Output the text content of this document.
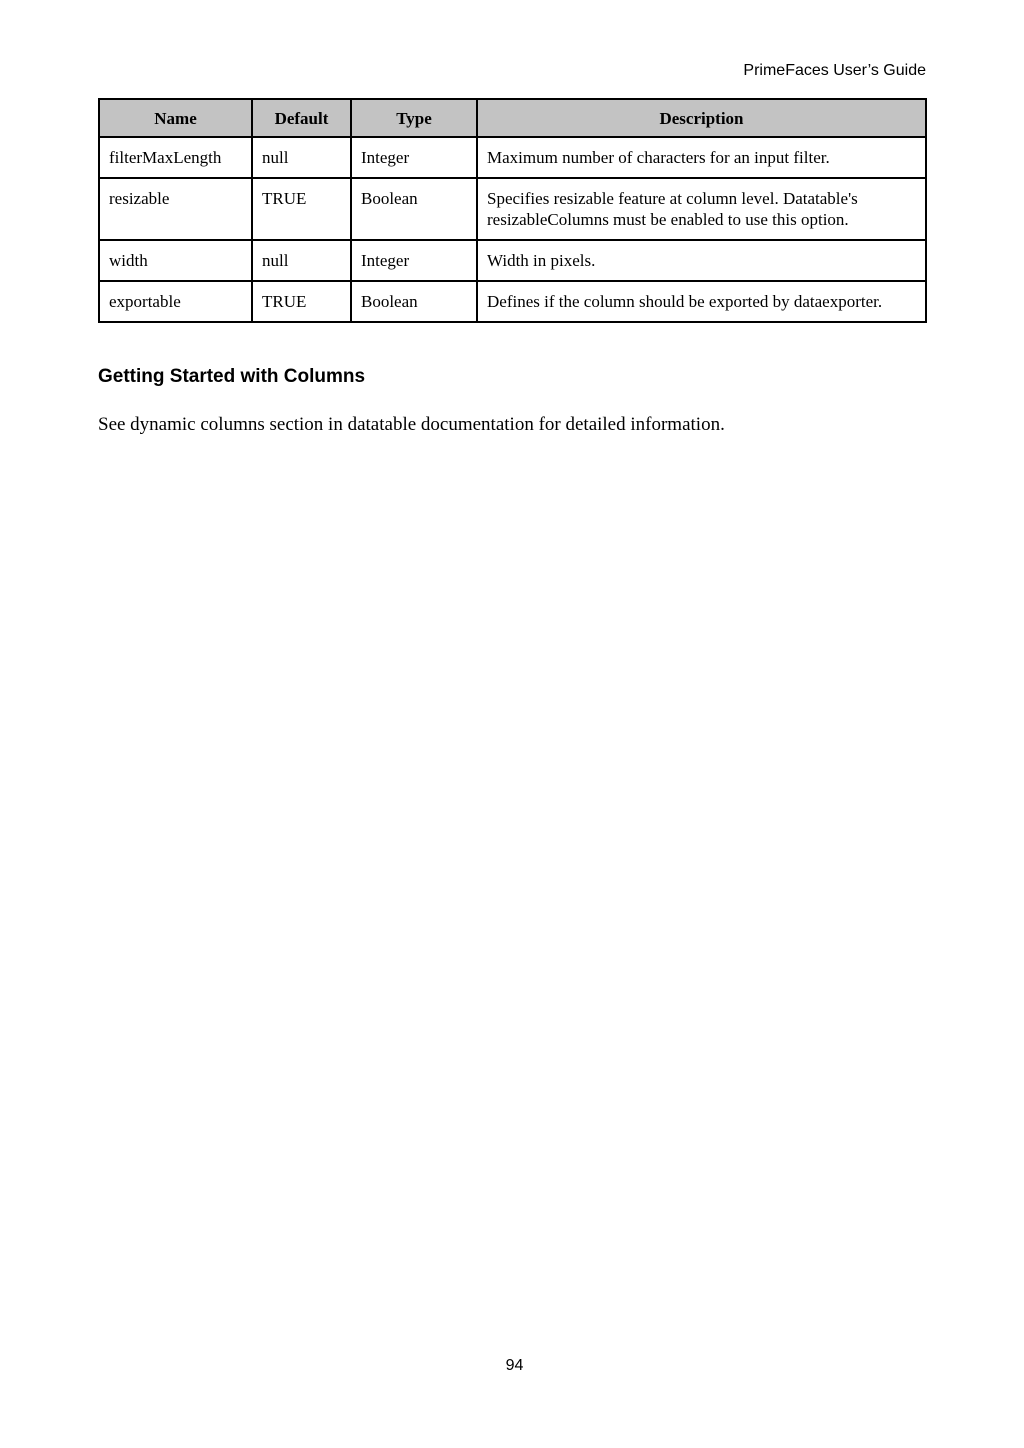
PrimeFaces User’s Guide
Name	Default	Type	Description
filterMaxLength	null	Integer	Maximum number of characters for an input filter.
resizable	TRUE	Boolean	Specifies resizable feature at column level. Datatable's resizableColumns must be enabled to use this option.
width	null	Integer	Width in pixels.
exportable	TRUE	Boolean	Defines if the column should be exported by dataexporter.
Getting Started with Columns

See dynamic columns section in datatable documentation for detailed information.

94
